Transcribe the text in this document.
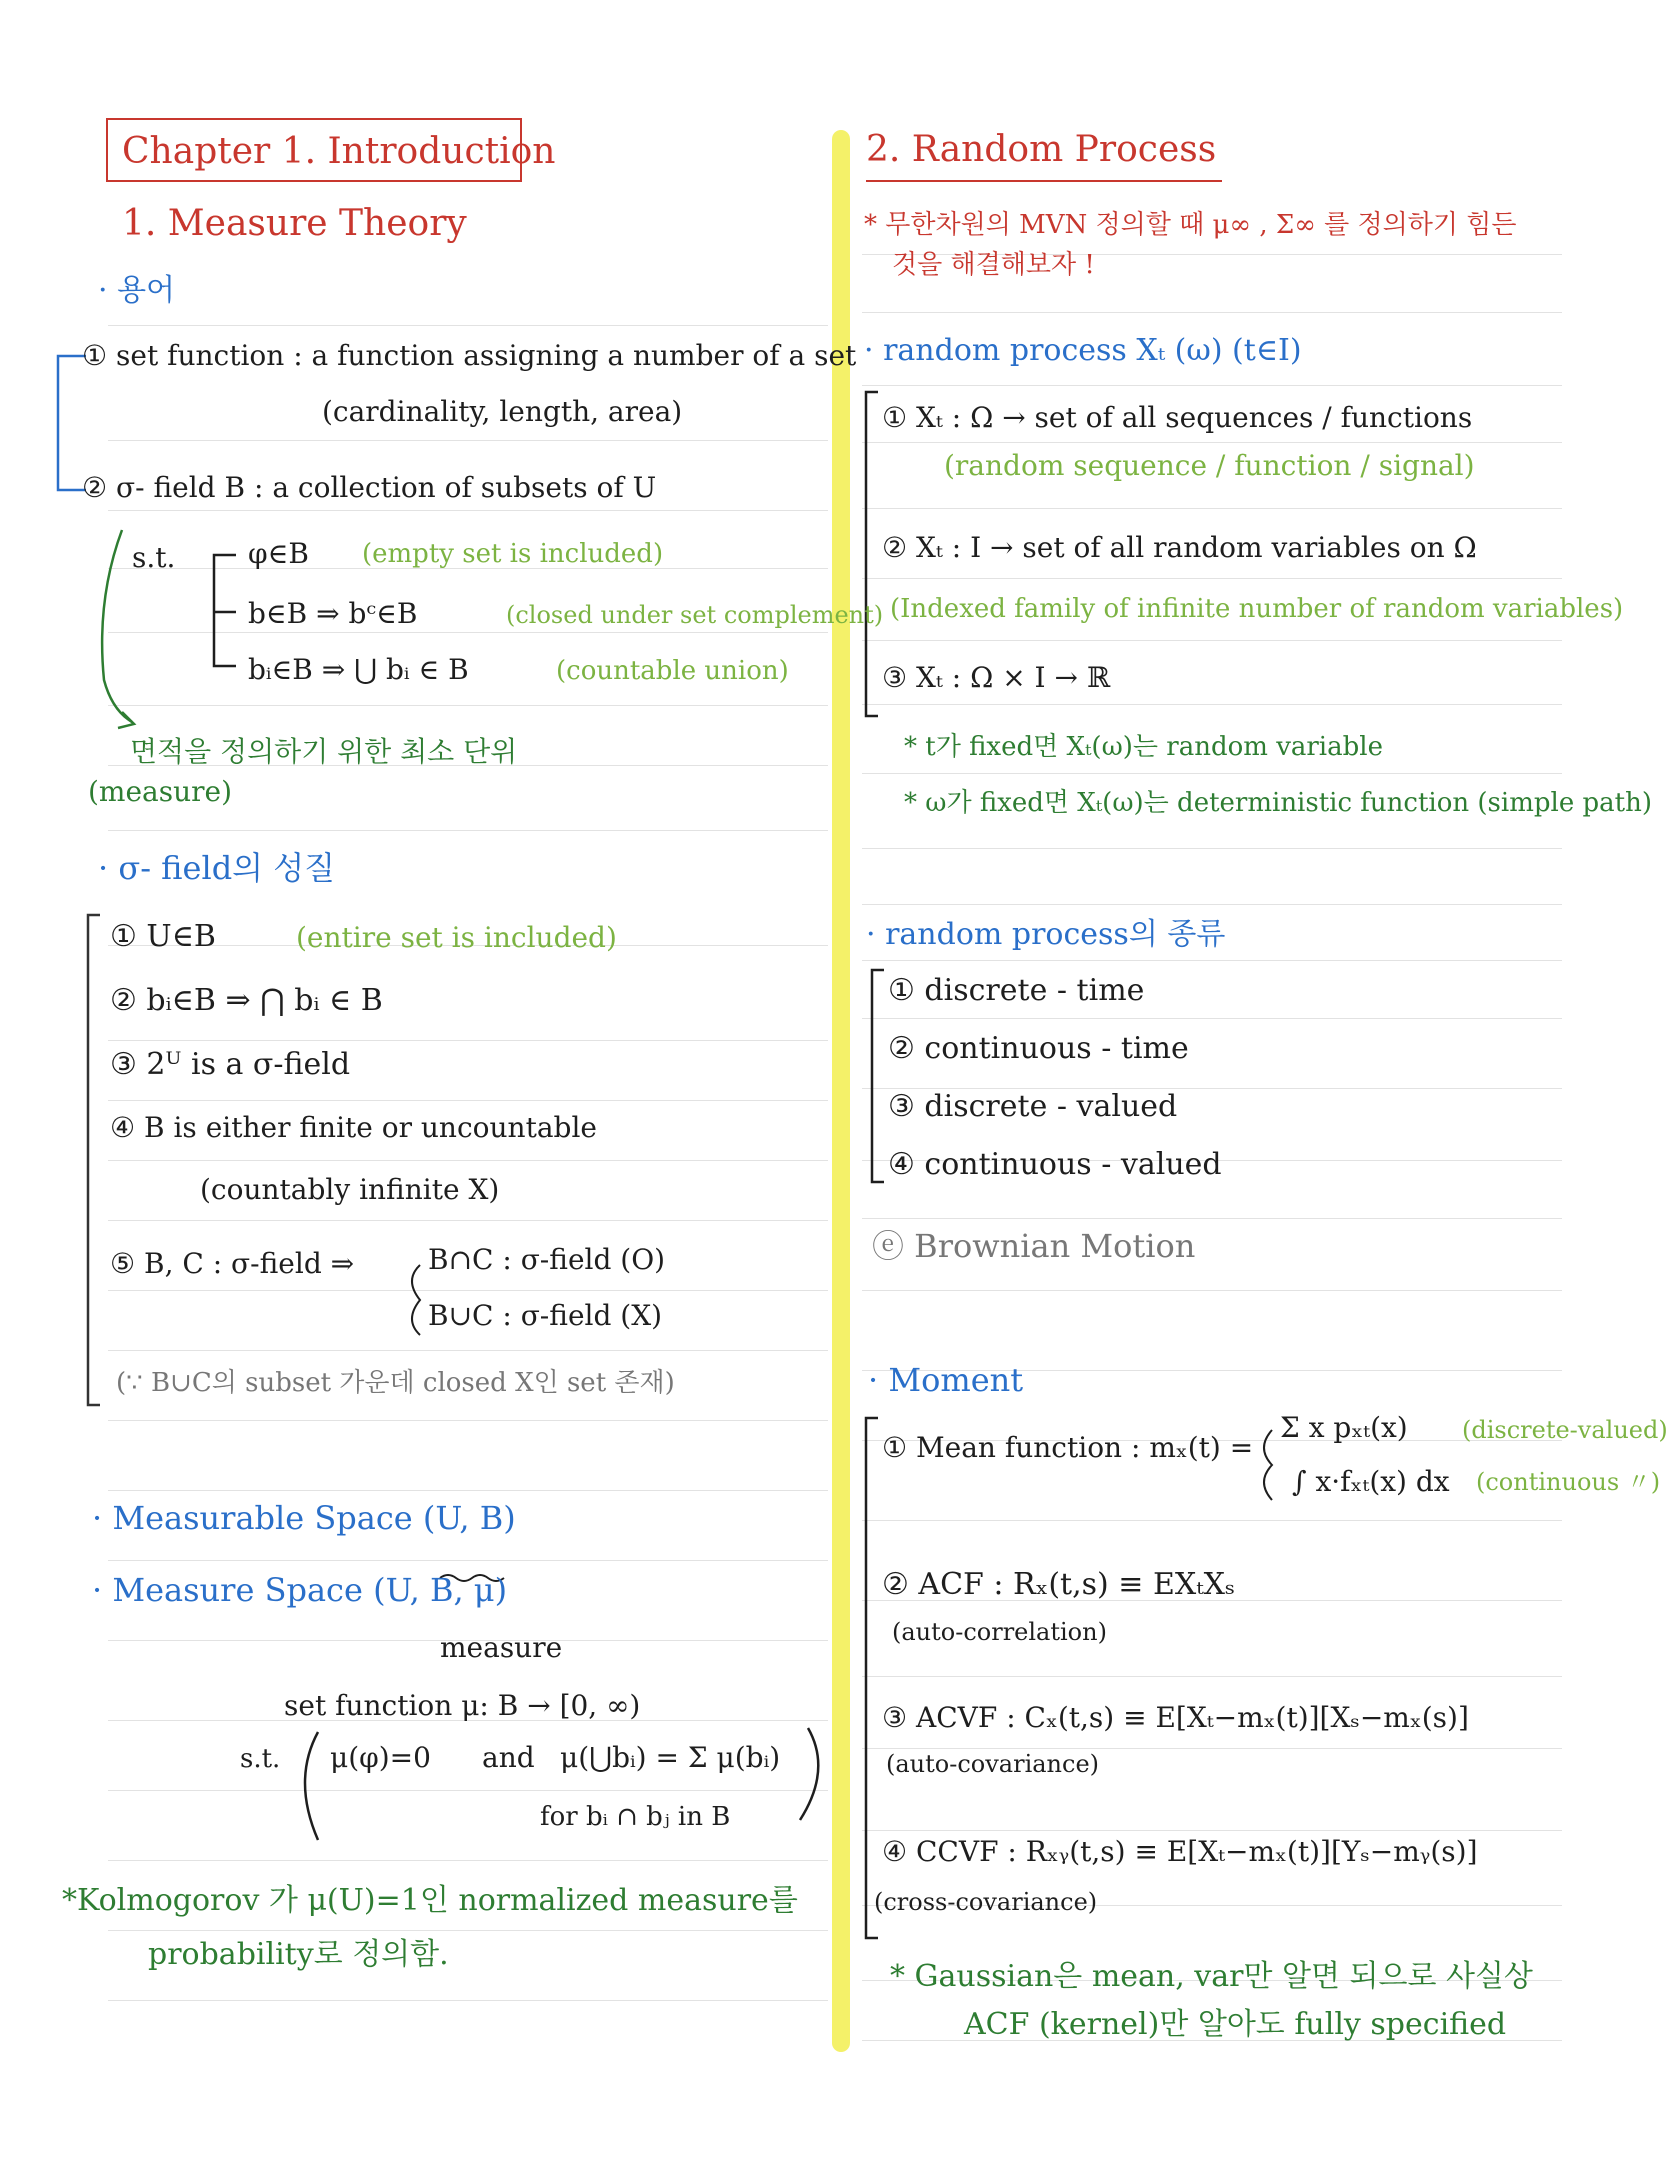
Chapter 1. Introduction
1. Measure Theory
· 용어
① set function : a function assigning a number of a set
(cardinality, length, area)
② σ- field B : a collection of subsets of U
s.t.	φ∈B (empty set is included)
b∈B ⇒ bᶜ∈B	(closed under set complement)
bᵢ∈B ⇒ ⋃ bᵢ ∈ B	(countable union)
면적을 정의하기 위한 최소 단위
(measure)
· σ- field의 성질
① U∈B	(entire set is included)
② bᵢ∈B ⇒ ⋂ bᵢ ∈ B
③ 2ᵁ is a σ-field
④ B is either finite or uncountable
(countably infinite X)
⑤ B, C : σ-field ⇒	B∩C : σ-field (O)
B∪C : σ-field (X)
(∵ B∪C의 subset 가운데 closed X인 set 존재)
· Measurable Space (U, B)
· Measure Space (U, B, μ)
measure
set function μ: B → [0, ∞)
s.t. μ(φ)=0 and μ(⋃bᵢ) = Σ μ(bᵢ)
for bᵢ ∩ bⱼ in B
*Kolmogorov 가 μ(U)=1인 normalized measure를
probability로 정의함.
2. Random Process
* 무한차원의 MVN 정의할 때 μ∞ , Σ∞ 를 정의하기 힘든
것을 해결해보자 !
· random process Xₜ (ω) (t∈I)
① Xₜ : Ω → set of all sequences / functions
(random sequence / function / signal)
② Xₜ : I → set of all random variables on Ω
(Indexed family of infinite number of random variables)
③ Xₜ : Ω × I → ℝ
* t가 fixed면 Xₜ(ω)는 random variable
* ω가 fixed면 Xₜ(ω)는 deterministic function (simple path)
· random process의 종류
① discrete - time
② continuous - time
③ discrete - valued
④ continuous - valued
ⓔ Brownian Motion
· Moment
① Mean function : mₓ(t) =
Σ x pₓₜ(x) (discrete-valued)
∫ x·fₓₜ(x) dx (continuous 〃)
② ACF : Rₓ(t,s) ≡ EXₜXₛ
(auto-correlation)
③ ACVF : Cₓ(t,s) ≡ E[Xₜ−mₓ(t)][Xₛ−mₓ(s)]
(auto-covariance)
④ CCVF : Rₓᵧ(t,s) ≡ E[Xₜ−mₓ(t)][Yₛ−mᵧ(s)]
(cross-covariance)
* Gaussian은 mean, var만 알면 되으로 사실상
ACF (kernel)만 알아도 fully specified
